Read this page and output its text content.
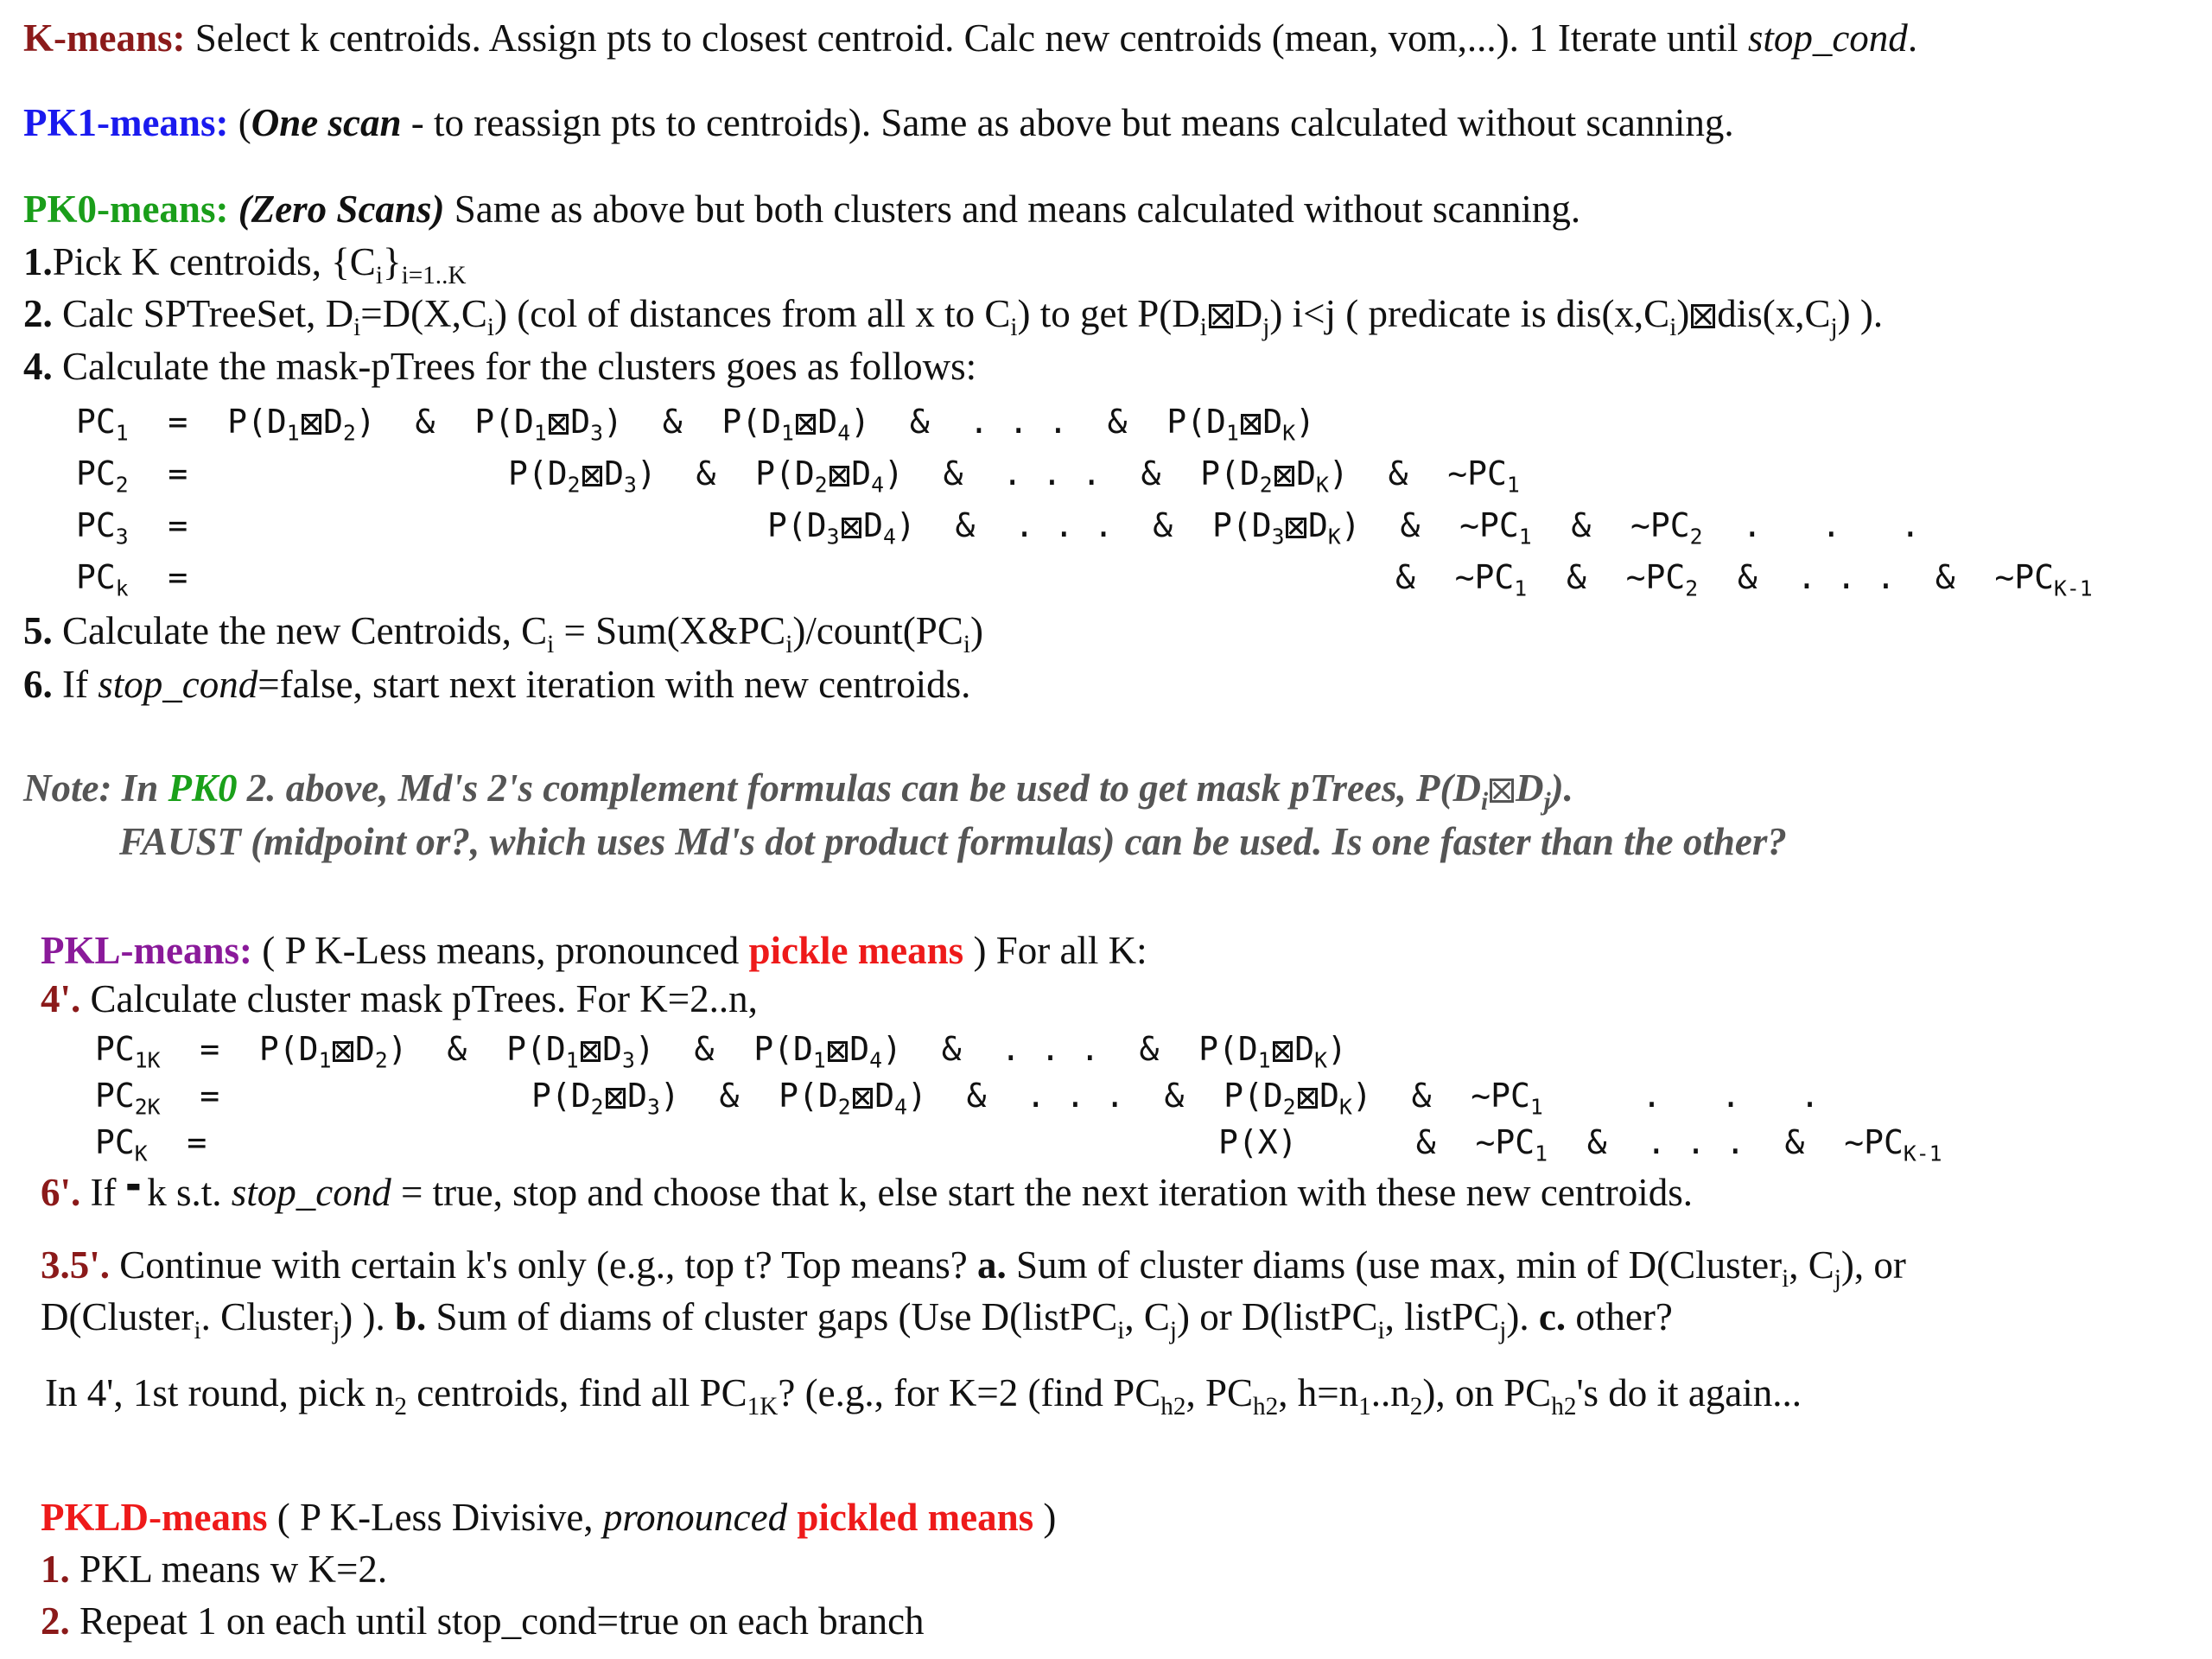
K-means: Select k centroids. Assign pts to closest centroid. Calc new centroids (mean, vom,...). 1 Iterate until stop_cond.
PK1-means: (One scan - to reassign pts to centroids). Same as above but means calculated without scanning.
PK0-means: (Zero Scans) Same as above but both clusters and means calculated without scanning.
1.Pick K centroids, $\{C_i\}_{i=1..K}$
2. Calc SPTreeSet, $D_i=D(X,C_i)$ (col of distances from all x to $C_i$) to get $P(D_i$ $D_j$) i<j ( predicate is $dis(x,C_i)$ $dis(x,C_j)$ ).
4. Calculate the mask-pTrees for the clusters goes as follows:
$PC_1 = P(D_1$ $D_2$) & $P(D_1$ $D_3$) & $P(D_1$ $D_4$) & . . . & $P(D_1$ $D_K$)
$PC_2$ =	$P(D_2$ $D_3$) & $P(D_2$ $D_4$) & . . . & $P(D_2$ $D_K$) & $\sim PC_1$
$PC_3$ =	$P(D_3$ $D_4$) & . . . & $P(D_3$ $D_K$) & $\sim PC_1$ & $\sim PC_2$ .   .   .
$PC_k$ =	& $\sim PC_1$ & $\sim PC_2$ & . . . & $\sim PC_{K-1}$
5. Calculate the new Centroids, $C_i$ = $Sum(X\&PC_i)/count(PC_i)$
6. If stop_cond=false, start next iteration with new centroids.
Note: In PK0 2. above, Md's 2's complement formulas can be used to get mask pTrees, $P(D_i$ $D_j$).
FAUST (midpoint or?, which uses Md's dot product formulas) can be used. Is one faster than the other?
PKL-means: ( P K-Less means, pronounced pickle means ) For all K:
4'. Calculate cluster mask pTrees. For K=2..n,
$PC_{1K} = P(D_1$ $D_2$) & $P(D_1$ $D_3$) & $P(D_1$ $D_4$) & . . . & $P(D_1$ $D_K$)
$PC_{2K}$ =	$P(D_2$ $D_3$) & $P(D_2$ $D_4$) & . . . & $P(D_2$ $D_K$) & $\sim PC_1$	.   .   .
$PC_K$ =	P(X)	& $\sim PC_1$ & . . . & $\sim PC_{K-1}$
6'. If ▪▪ k s.t. stop_cond = true, stop and choose that k, else start the next iteration with these new centroids.
3.5'. Continue with certain k's only (e.g., top t? Top means? a. Sum of cluster diams (use max, min of D(Cluster$_i$, $C_j$), or
D(Cluster$_i$. Cluster$_j$) ). b. Sum of diams of cluster gaps (Use D(listPC$_i$, $C_j$) or D(listPC$_i$, listPC$_j$). c. other?
In 4', 1st round, pick $n_2$ centroids, find all $PC_{1K}$? (e.g., for K=2 (find $PC_{h2}$, $PC_{h2}$, $h=n_1..n_2$), on $PC_{h2}'s$ do it again...
PKLD-means ( P K-Less Divisive, pronounced pickled means )
1. PKL means w K=2.
2. Repeat 1 on each until stop_cond=true on each branch
